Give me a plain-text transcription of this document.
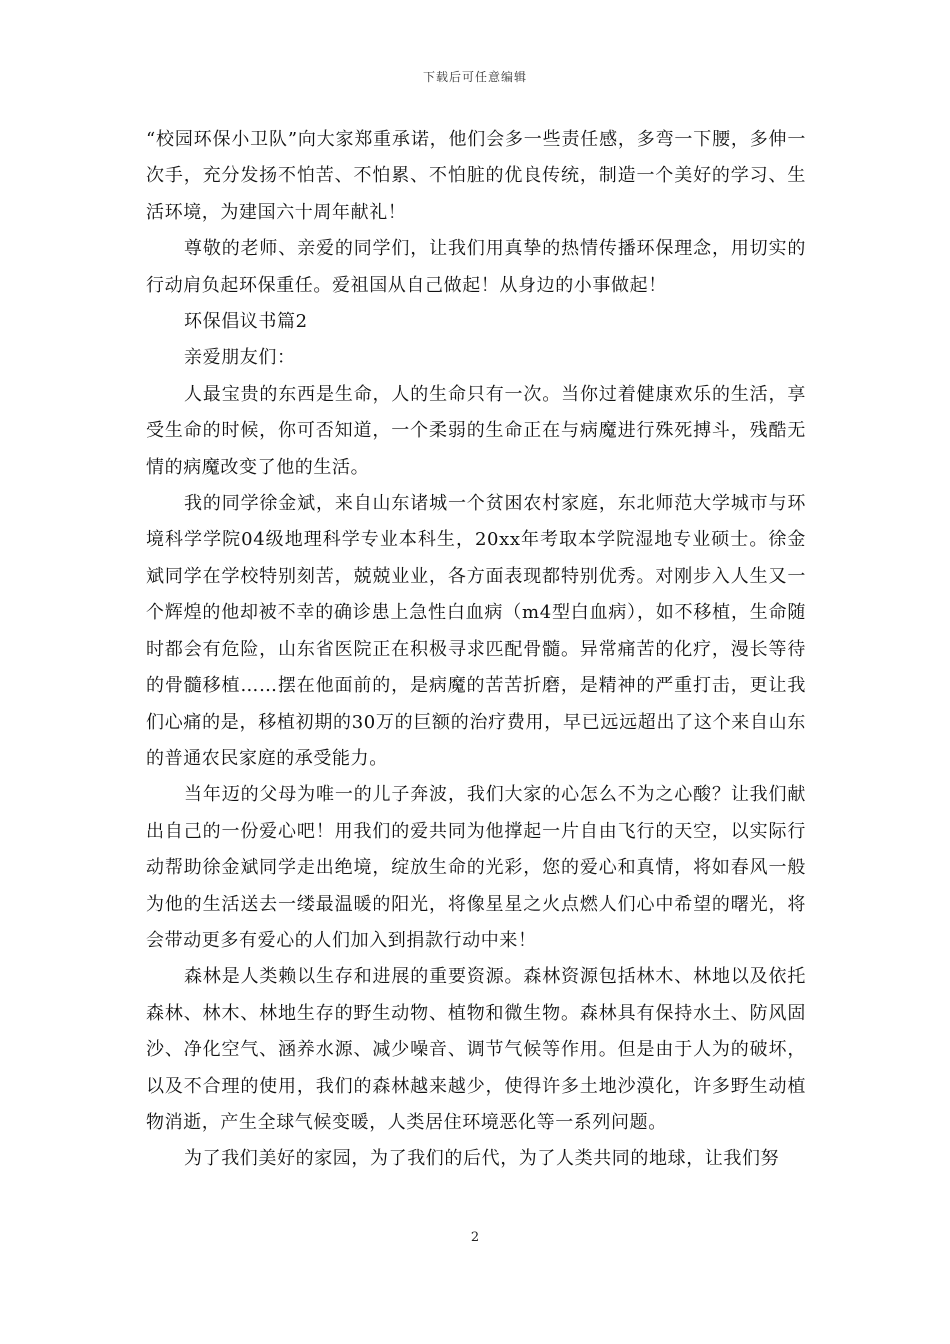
下载后可任意编辑

“校园环保小卫队”向大家郑重承诺，他们会多一些责任感，多弯一下腰，多伸一次手，充分发扬不怕苦、不怕累、不怕脏的优良传统，制造一个美好的学习、生活环境，为建国六十周年献礼！

尊敬的老师、亲爱的同学们，让我们用真挚的热情传播环保理念，用切实的行动肩负起环保重任。爱祖国从自己做起！从身边的小事做起！

环保倡议书篇2

亲爱朋友们：

人最宝贵的东西是生命，人的生命只有一次。当你过着健康欢乐的生活，享受生命的时候，你可否知道，一个柔弱的生命正在与病魔进行殊死搏斗，残酷无情的病魔改变了他的生活。

我的同学徐金斌，来自山东诸城一个贫困农村家庭，东北师范大学城市与环境科学学院04级地理科学专业本科生，20xx年考取本学院湿地专业硕士。徐金斌同学在学校特别刻苦，兢兢业业，各方面表现都特别优秀。对刚步入人生又一个辉煌的他却被不幸的确诊患上急性白血病（m4型白血病），如不移植，生命随时都会有危险，山东省医院正在积极寻求匹配骨髓。异常痛苦的化疗，漫长等待的骨髓移植……摆在他面前的，是病魔的苦苦折磨，是精神的严重打击，更让我们心痛的是，移植初期的30万的巨额的治疗费用，早已远远超出了这个来自山东的普通农民家庭的承受能力。

当年迈的父母为唯一的儿子奔波，我们大家的心怎么不为之心酸？让我们献出自己的一份爱心吧！用我们的爱共同为他撑起一片自由飞行的天空，以实际行动帮助徐金斌同学走出绝境，绽放生命的光彩，您的爱心和真情，将如春风一般为他的生活送去一缕最温暖的阳光，将像星星之火点燃人们心中希望的曙光，将会带动更多有爱心的人们加入到捐款行动中来！

森林是人类赖以生存和进展的重要资源。森林资源包括林木、林地以及依托森林、林木、林地生存的野生动物、植物和微生物。森林具有保持水土、防风固沙、净化空气、涵养水源、减少噪音、调节气候等作用。但是由于人为的破坏，以及不合理的使用，我们的森林越来越少，使得许多土地沙漠化，许多野生动植物消逝，产生全球气候变暖，人类居住环境恶化等一系列问题。

为了我们美好的家园，为了我们的后代，为了人类共同的地球，让我们努

2
